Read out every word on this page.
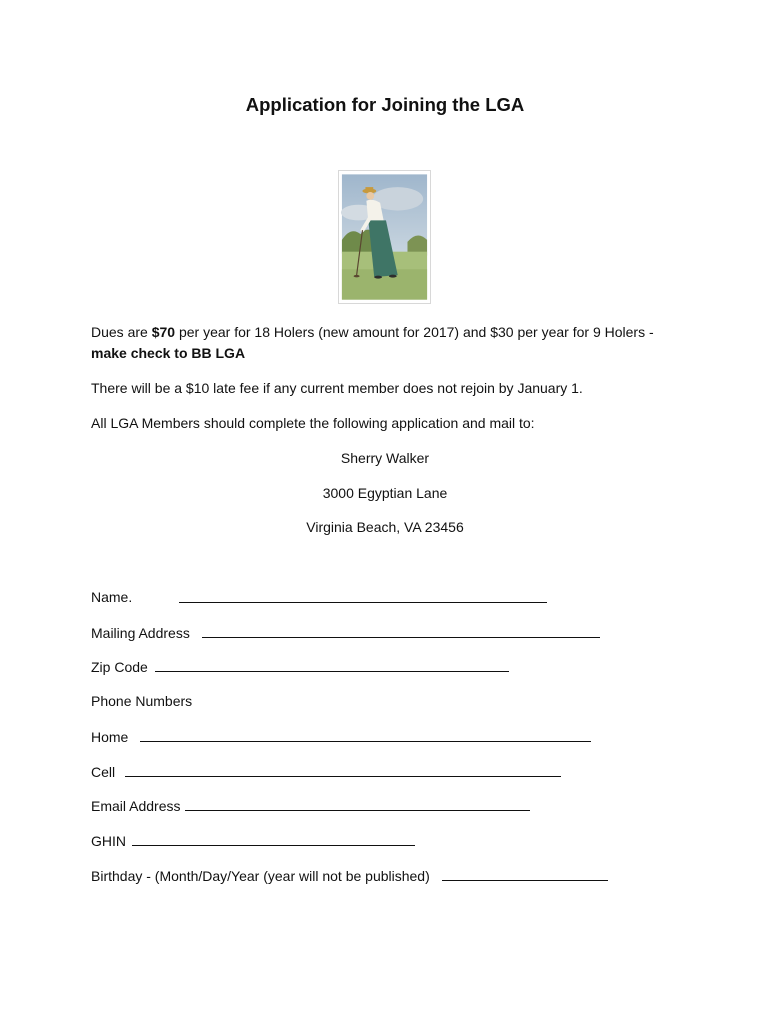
Application for Joining the LGA

Dues are $70 per year for 18 Holers (new amount for 2017) and $30 per year for 9 Holers -

make check to BB LGA

There will be a $10 late fee if any current member does not rejoin by January 1.

All LGA Members should complete the following application and mail to:

Sherry Walker

3000 Egyptian Lane

Virginia Beach, VA 23456

Name.

Mailing Address

Zip Code

Phone Numbers

Home

Cell

Email Address

GHIN

Birthday - (Month/Day/Year (year will not be published)
